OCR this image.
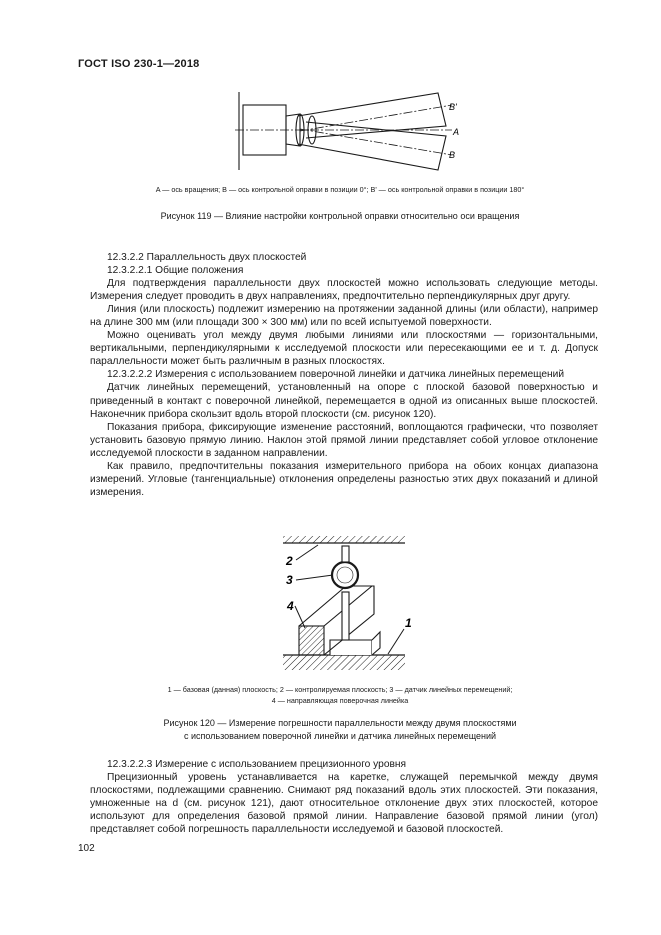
ГОСТ ISO 230-1—2018
B'
A
B
A — ось вращения; B — ось контрольной оправки в позиции 0°; B' — ось контрольной оправки в позиции 180°
Рисунок 119 — Влияние настройки контрольной оправки относительно оси вращения

12.3.2.2 Параллельность двух плоскостей

12.3.2.2.1 Общие положения

Для подтверждения параллельности двух плоскостей можно использовать следующие методы. Измерения следует проводить в двух направлениях, предпочтительно перпендикулярных друг другу.

Линия (или плоскость) подлежит измерению на протяжении заданной длины (или области), например на длине 300 мм (или площади 300 × 300 мм) или по всей испытуемой поверхности.

Можно оценивать угол между двумя любыми линиями или плоскостями — горизонтальными, вертикальными, перпендикулярными к исследуемой плоскости или пересекающими ее и т. д. Допуск параллельности может быть различным в разных плоскостях.

12.3.2.2.2 Измерения с использованием поверочной линейки и датчика линейных перемещений

Датчик линейных перемещений, установленный на опоре с плоской базовой поверхностью и приведенный в контакт с поверочной линейкой, перемещается в одной из описанных выше плоскостей. Наконечник прибора скользит вдоль второй плоскости (см. рисунок 120).

Показания прибора, фиксирующие изменение расстояний, воплощаются графически, что позволяет установить базовую прямую линию. Наклон этой прямой линии представляет собой угловое отклонение исследуемой плоскости в заданном направлении.

Как правило, предпочтительны показания измерительного прибора на обоих концах диапазона измерений. Угловые (тангенциальные) отклонения определены разностью этих двух показаний и длиной измерения.

2
3
4
1
1 — базовая (данная) плоскость; 2 — контролируемая плоскость; 3 — датчик линейных перемещений;
4 — направляющая поверочная линейка
Рисунок 120 — Измерение погрешности параллельности между двумя плоскостями
с использованием поверочной линейки и датчика линейных перемещений

12.3.2.2.3 Измерение с использованием прецизионного уровня

Прецизионный уровень устанавливается на каретке, служащей перемычкой между двумя плоскостями, подлежащими сравнению. Снимают ряд показаний вдоль этих плоскостей. Эти показания, умноженные на d (см. рисунок 121), дают относительное отклонение двух этих плоскостей, которое используют для определения базовой прямой линии. Направление базовой прямой линии (угол) представляет собой погрешность параллельности исследуемой и базовой плоскостей.

102
